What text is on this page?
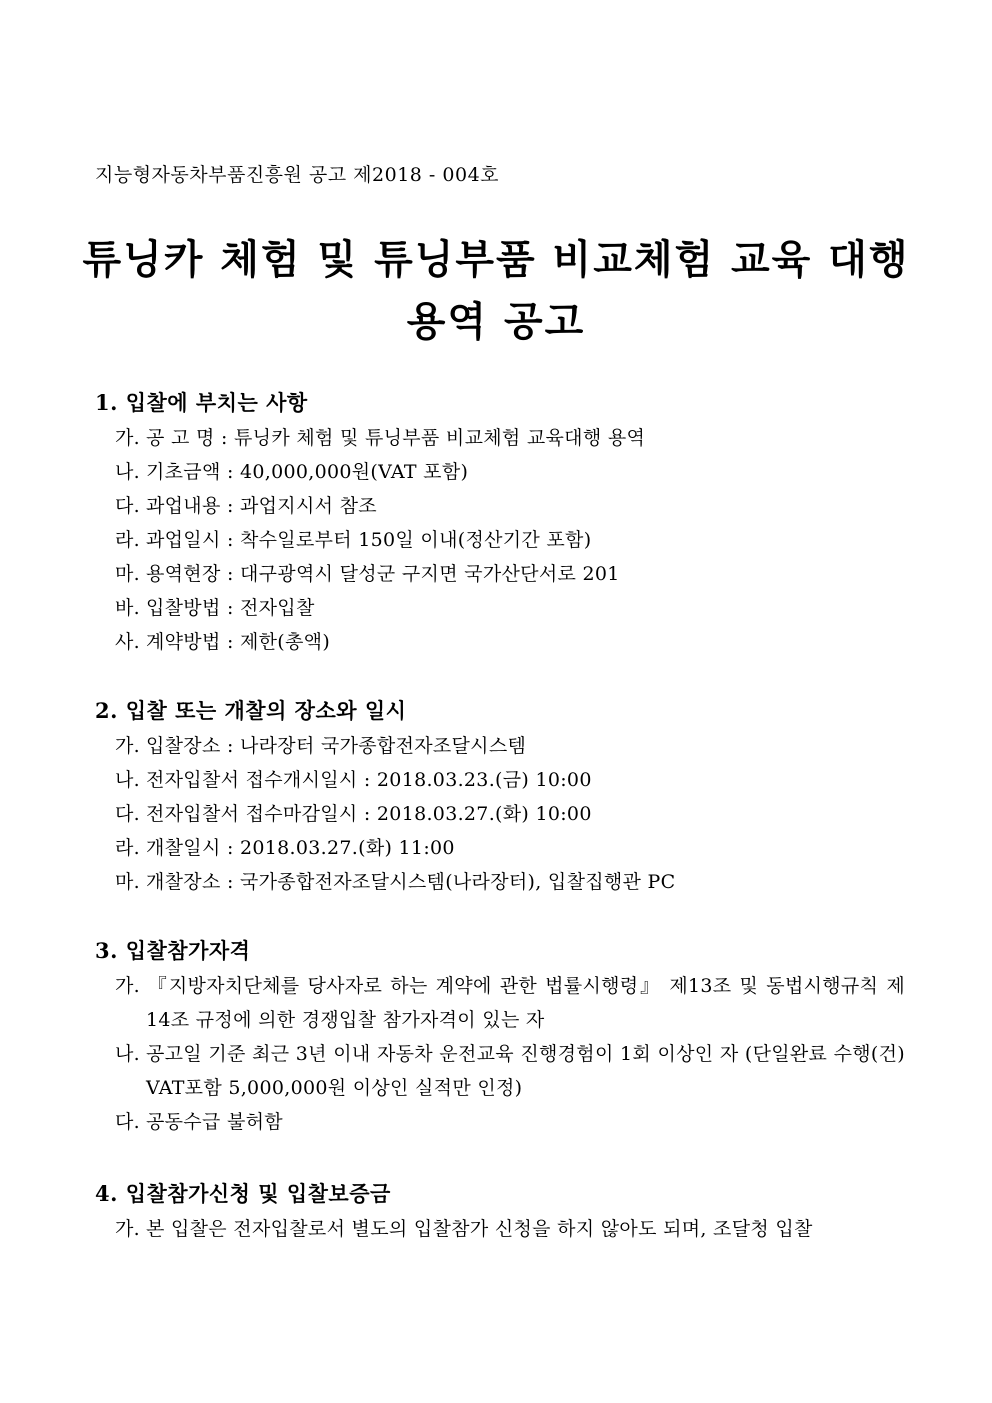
지능형자동차부품진흥원 공고 제2018 - 004호
튜닝카 체험 및 튜닝부품 비교체험 교육 대행
용역 공고
1. 입찰에 부치는 사항
가. 공 고 명 : 튜닝카 체험 및 튜닝부품 비교체험 교육대행 용역
나. 기초금액 : 40,000,000원(VAT 포함)
다. 과업내용 : 과업지시서 참조
라. 과업일시 : 착수일로부터 150일 이내(정산기간 포함)
마. 용역현장 : 대구광역시 달성군 구지면 국가산단서로 201
바. 입찰방법 : 전자입찰
사. 계약방법 : 제한(총액)
2. 입찰 또는 개찰의 장소와 일시
가. 입찰장소 : 나라장터 국가종합전자조달시스템
나. 전자입찰서 접수개시일시 : 2018.03.23.(금) 10:00
다. 전자입찰서 접수마감일시 : 2018.03.27.(화) 10:00
라. 개찰일시 : 2018.03.27.(화) 11:00
마. 개찰장소 : 국가종합전자조달시스템(나라장터), 입찰집행관 PC
3. 입찰참가자격
가. 『지방자치단체를 당사자로 하는 계약에 관한 법률시행령』 제13조 및 동법시행규칙 제14조 규정에 의한 경쟁입찰 참가자격이 있는 자
나. 공고일 기준 최근 3년 이내 자동차 운전교육 진행경험이 1회 이상인 자 (단일완료 수행(건) VAT포함 5,000,000원 이상인 실적만 인정)
다. 공동수급 불허함
4. 입찰참가신청 및 입찰보증금
가. 본 입찰은 전자입찰로서 별도의 입찰참가 신청을 하지 않아도 되며, 조달청 입찰
